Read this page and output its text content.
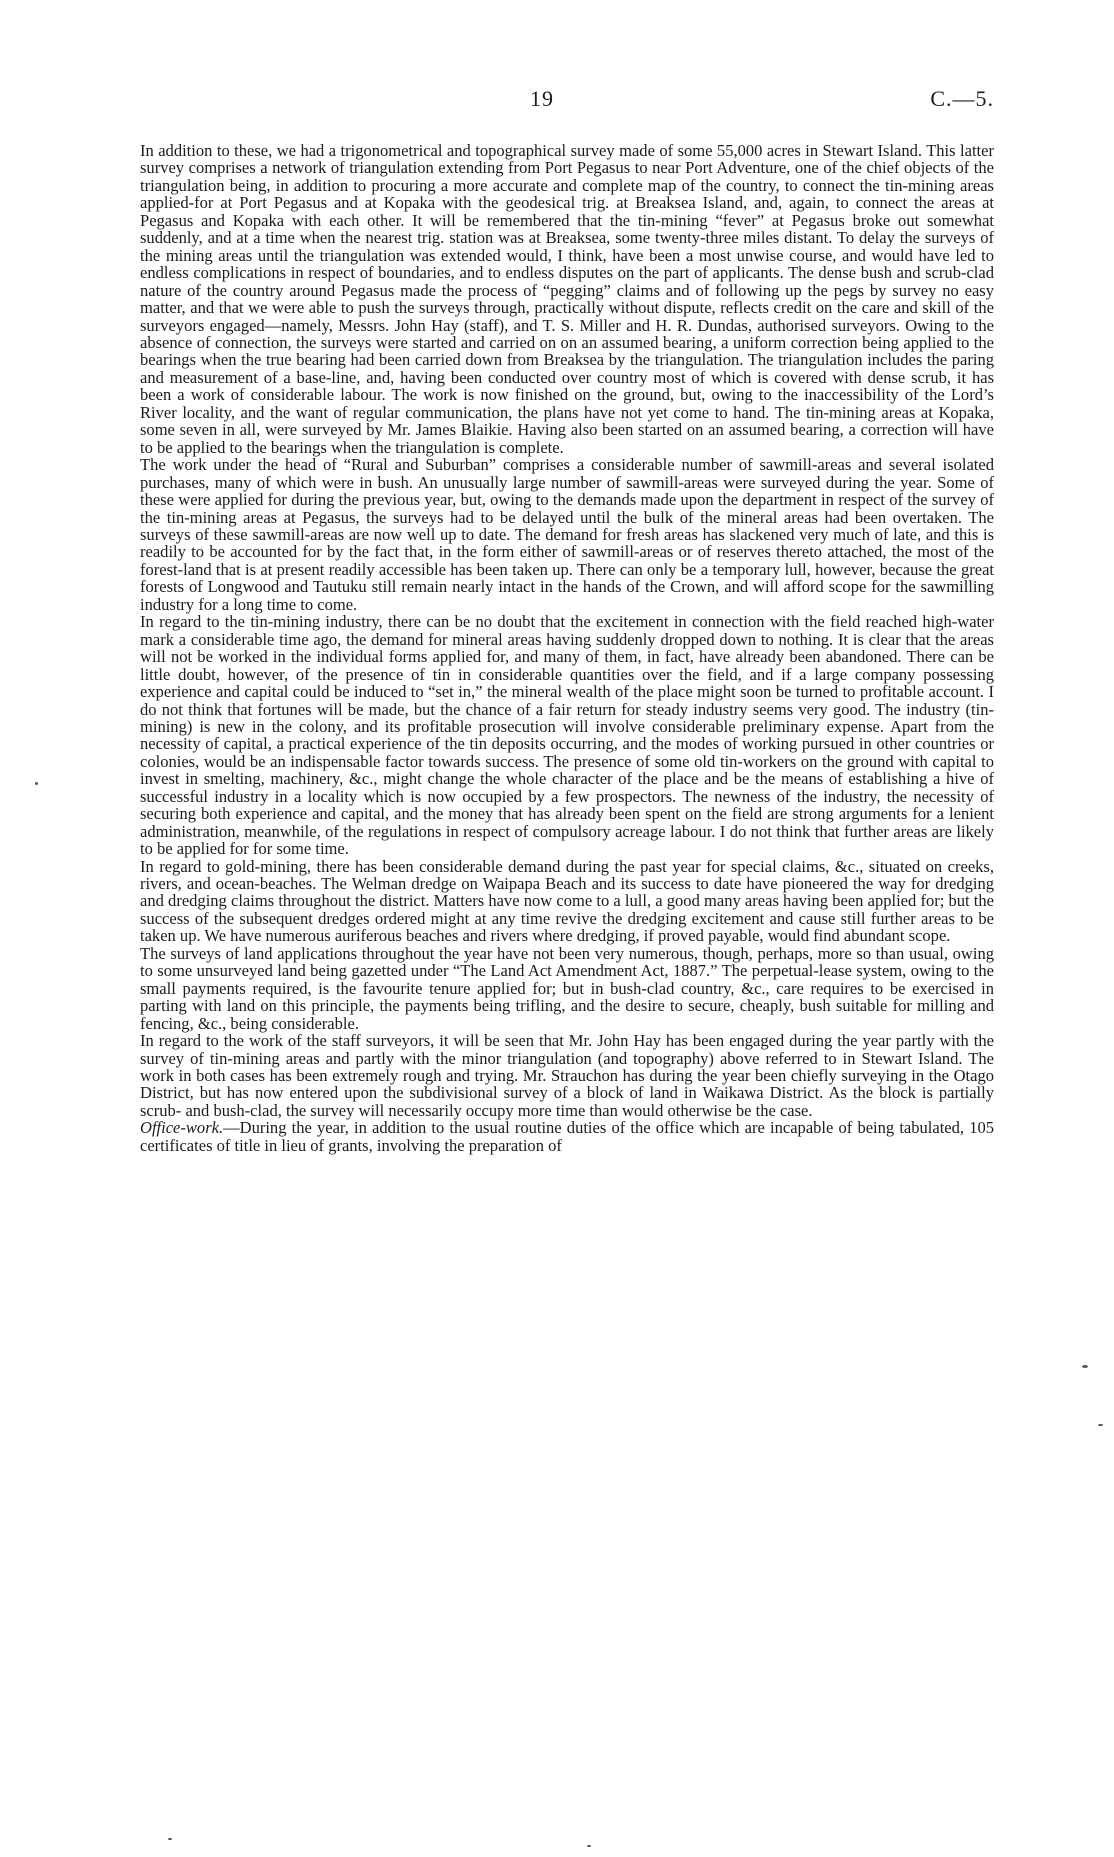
19	C.—5.

In addition to these, we had a trigonometrical and topographical survey made of some 55,000 acres in Stewart Island. This latter survey comprises a network of triangulation extending from Port Pegasus to near Port Adventure, one of the chief objects of the triangulation being, in addition to procuring a more accurate and complete map of the country, to connect the tin-mining areas applied-for at Port Pegasus and at Kopaka with the geodesical trig. at Breaksea Island, and, again, to connect the areas at Pegasus and Kopaka with each other. It will be remembered that the tin-mining “fever” at Pegasus broke out somewhat suddenly, and at a time when the nearest trig. station was at Breaksea, some twenty-three miles distant. To delay the surveys of the mining areas until the triangulation was extended would, I think, have been a most unwise course, and would have led to endless complications in respect of boundaries, and to endless disputes on the part of applicants. The dense bush and scrub-clad nature of the country around Pegasus made the process of “pegging” claims and of following up the pegs by survey no easy matter, and that we were able to push the surveys through, practically without dispute, reflects credit on the care and skill of the surveyors engaged—namely, Messrs. John Hay (staff), and T. S. Miller and H. R. Dundas, authorised surveyors. Owing to the absence of connection, the surveys were started and carried on on an assumed bearing, a uniform correction being applied to the bearings when the true bearing had been carried down from Breaksea by the triangulation. The triangulation includes the paring and measurement of a base-line, and, having been conducted over country most of which is covered with dense scrub, it has been a work of considerable labour. The work is now finished on the ground, but, owing to the inaccessibility of the Lord’s River locality, and the want of regular communication, the plans have not yet come to hand. The tin-mining areas at Kopaka, some seven in all, were surveyed by Mr. James Blaikie. Having also been started on an assumed bearing, a correction will have to be applied to the bearings when the triangulation is complete.

The work under the head of “Rural and Suburban” comprises a considerable number of sawmill-areas and several isolated purchases, many of which were in bush. An unusually large number of sawmill-areas were surveyed during the year. Some of these were applied for during the previous year, but, owing to the demands made upon the department in respect of the survey of the tin-mining areas at Pegasus, the surveys had to be delayed until the bulk of the mineral areas had been overtaken. The surveys of these sawmill-areas are now well up to date. The demand for fresh areas has slackened very much of late, and this is readily to be accounted for by the fact that, in the form either of sawmill-areas or of reserves thereto attached, the most of the forest-land that is at present readily accessible has been taken up. There can only be a temporary lull, however, because the great forests of Longwood and Tautuku still remain nearly intact in the hands of the Crown, and will afford scope for the sawmilling industry for a long time to come.

In regard to the tin-mining industry, there can be no doubt that the excitement in connection with the field reached high-water mark a considerable time ago, the demand for mineral areas having suddenly dropped down to nothing. It is clear that the areas will not be worked in the individual forms applied for, and many of them, in fact, have already been abandoned. There can be little doubt, however, of the presence of tin in considerable quantities over the field, and if a large company possessing experience and capital could be induced to “set in,” the mineral wealth of the place might soon be turned to profitable account. I do not think that fortunes will be made, but the chance of a fair return for steady industry seems very good. The industry (tin-mining) is new in the colony, and its profitable prosecution will involve considerable preliminary expense. Apart from the necessity of capital, a practical experience of the tin deposits occurring, and the modes of working pursued in other countries or colonies, would be an indispensable factor towards success. The presence of some old tin-workers on the ground with capital to invest in smelting, machinery, &c., might change the whole character of the place and be the means of establishing a hive of successful industry in a locality which is now occupied by a few prospectors. The newness of the industry, the necessity of securing both experience and capital, and the money that has already been spent on the field are strong arguments for a lenient administration, meanwhile, of the regulations in respect of compulsory acreage labour. I do not think that further areas are likely to be applied for for some time.

In regard to gold-mining, there has been considerable demand during the past year for special claims, &c., situated on creeks, rivers, and ocean-beaches. The Welman dredge on Waipapa Beach and its success to date have pioneered the way for dredging and dredging claims throughout the district. Matters have now come to a lull, a good many areas having been applied for; but the success of the subsequent dredges ordered might at any time revive the dredging excitement and cause still further areas to be taken up. We have numerous auriferous beaches and rivers where dredging, if proved payable, would find abundant scope.

The surveys of land applications throughout the year have not been very numerous, though, perhaps, more so than usual, owing to some unsurveyed land being gazetted under “The Land Act Amendment Act, 1887.” The perpetual-lease system, owing to the small payments required, is the favourite tenure applied for; but in bush-clad country, &c., care requires to be exercised in parting with land on this principle, the payments being trifling, and the desire to secure, cheaply, bush suitable for milling and fencing, &c., being considerable.

In regard to the work of the staff surveyors, it will be seen that Mr. John Hay has been engaged during the year partly with the survey of tin-mining areas and partly with the minor triangulation (and topography) above referred to in Stewart Island. The work in both cases has been extremely rough and trying. Mr. Strauchon has during the year been chiefly surveying in the Otago District, but has now entered upon the subdivisional survey of a block of land in Waikawa District. As the block is partially scrub- and bush-clad, the survey will necessarily occupy more time than would otherwise be the case.

Office-work.—During the year, in addition to the usual routine duties of the office which are incapable of being tabulated, 105 certificates of title in lieu of grants, involving the preparation of
